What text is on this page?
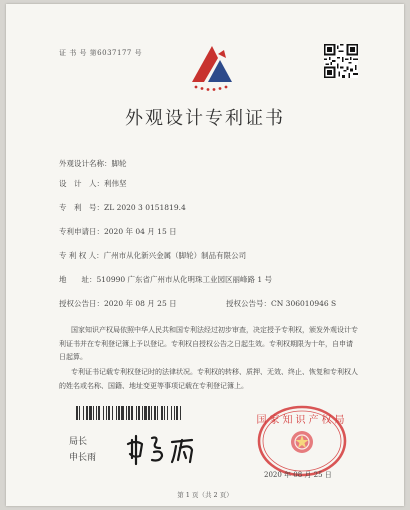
证 书 号 第6037177 号
外观设计专利证书
外观设计名称：脚轮
设　计　人：利伟坚
专　利　号：ZL 2020 3 0151819.4
专利申请日：2020 年 04 月 15 日
专 利 权 人：广州市从化新兴金属（脚轮）制品有限公司
地　　址：510990 广东省广州市从化明珠工业园区丽峰路 1 号
授权公告日：2020 年 08 月 25 日	授权公告号：CN 306010946 S
国家知识产权局依照中华人民共和国专利法经过初步审查，决定授予专利权，颁发外观设计专利证书并在专利登记簿上予以登记。专利权自授权公告之日起生效。专利权期限为十年，自申请日起算。
专利证书记载专利权登记时的法律状况。专利权的转移、质押、无效、终止、恢复和专利权人的姓名或名称、国籍、地址变更等事项记载在专利登记簿上。
局长
申长雨
国家知识产权局
2020 年 08 月 25 日
第 1 页（共 2 页）
